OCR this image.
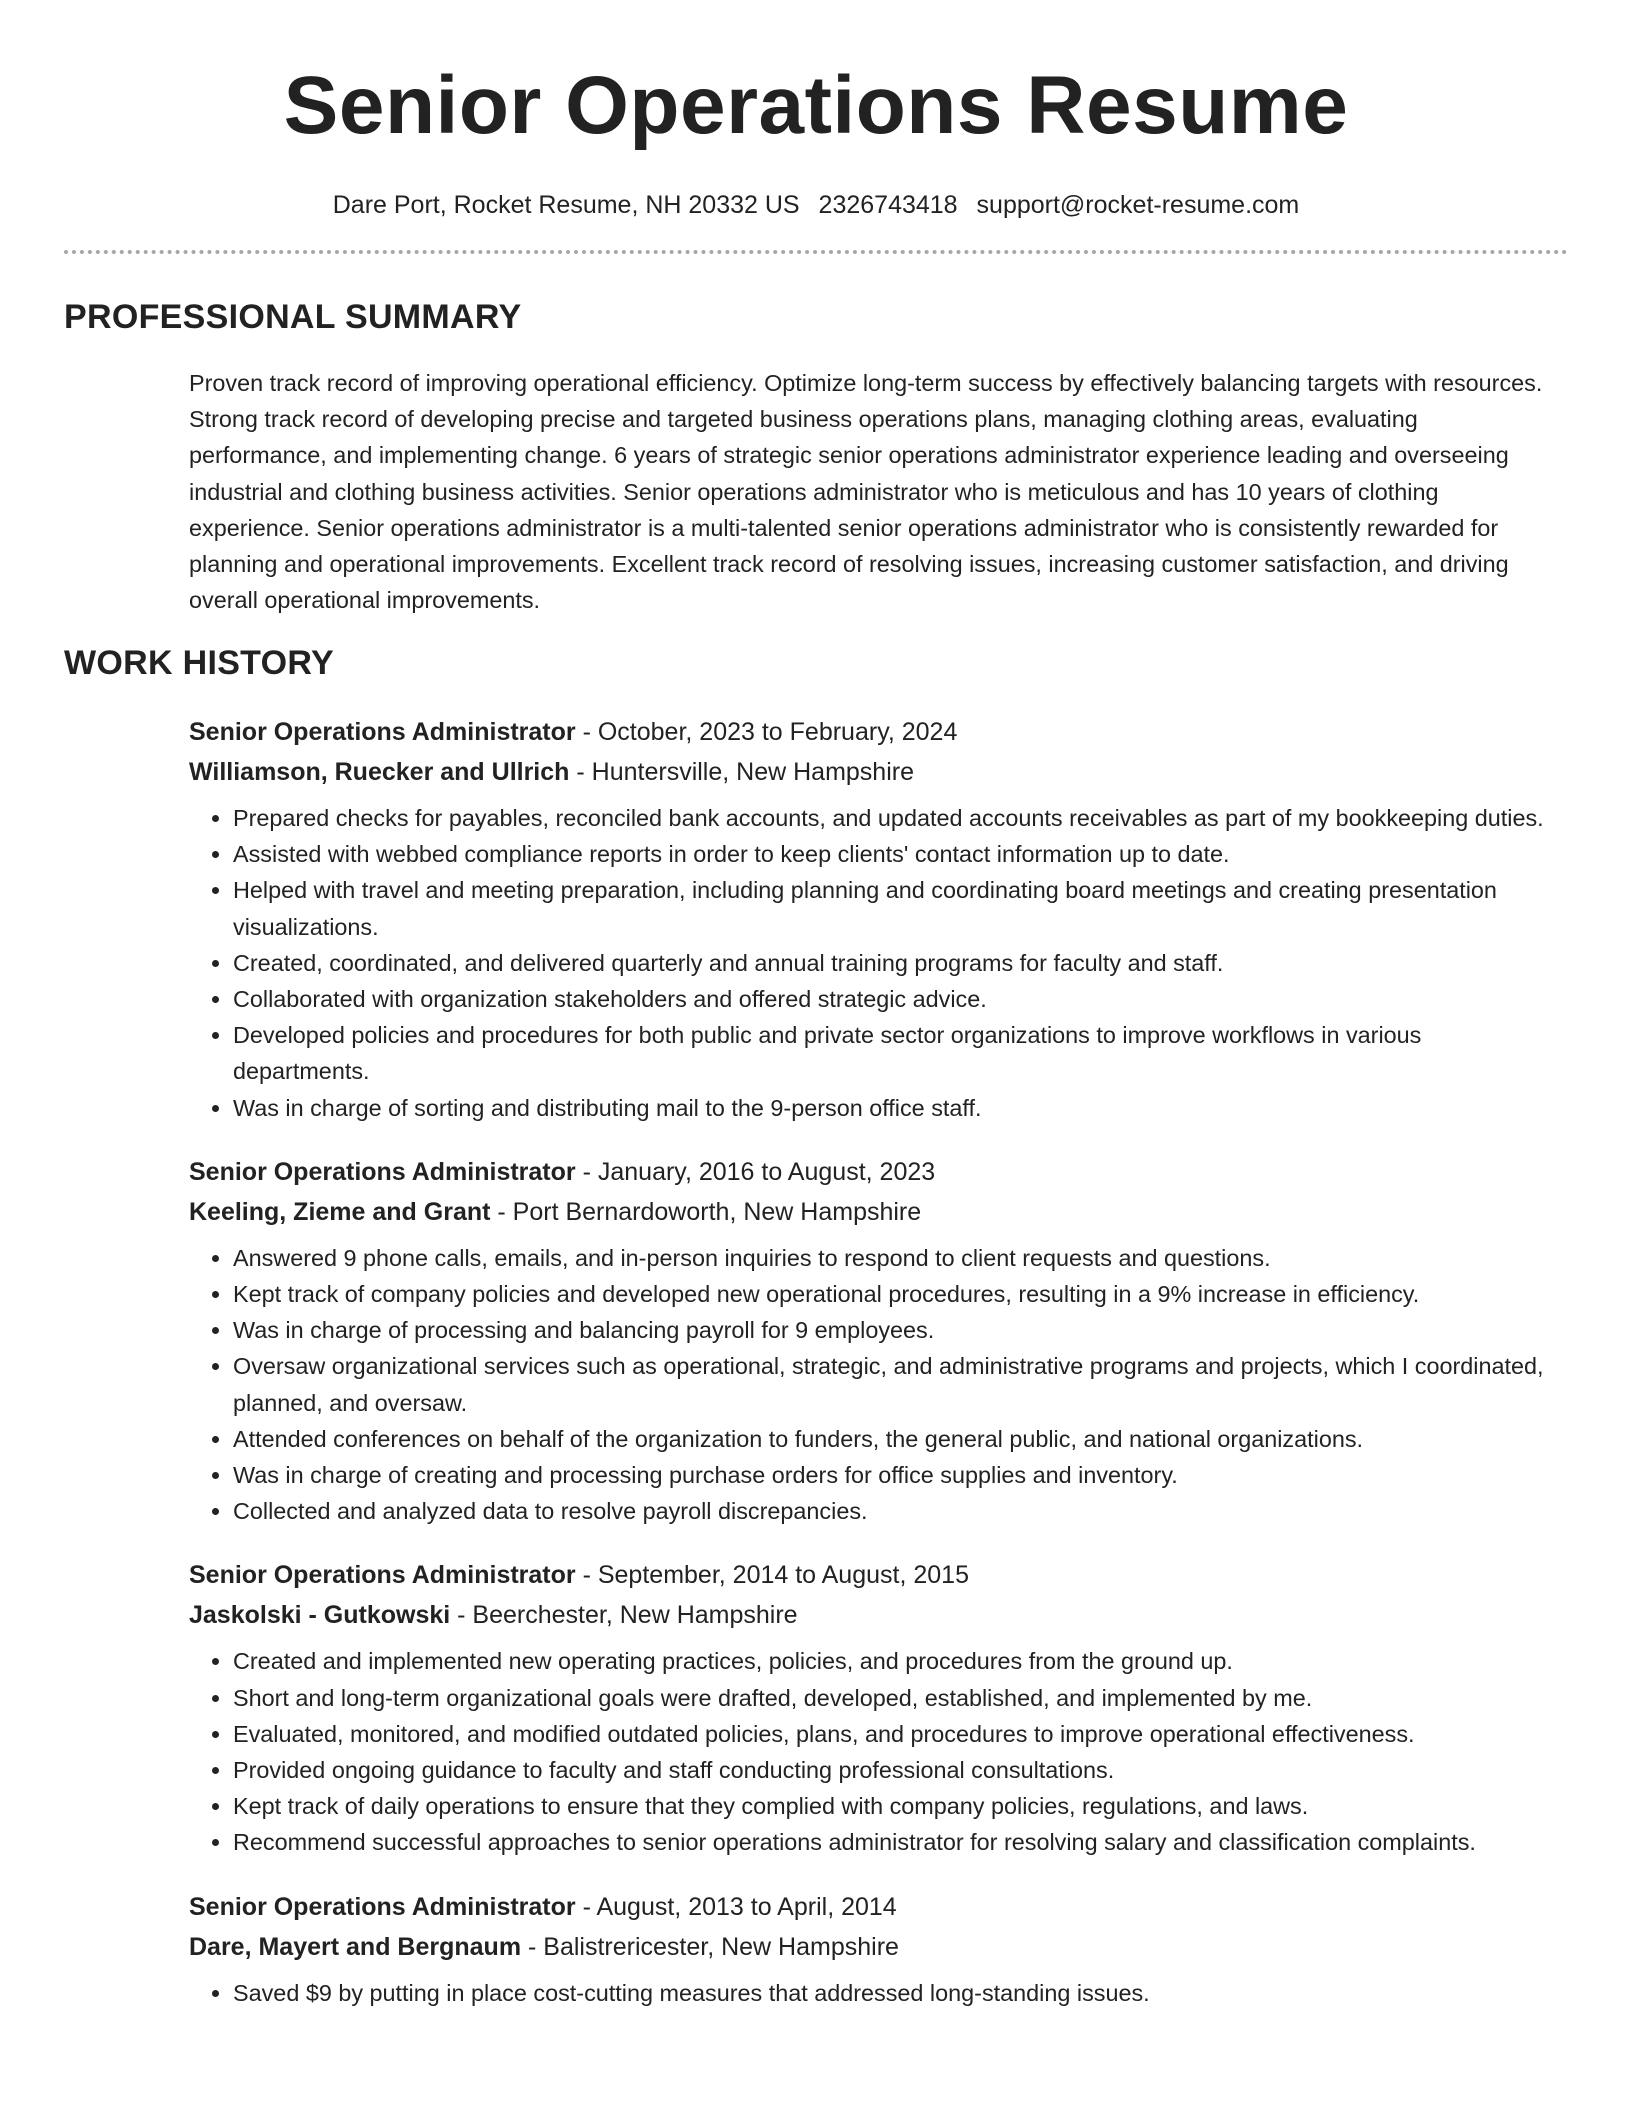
Senior Operations Resume
Dare Port, Rocket Resume, NH 20332 US 2326743418 support@rocket-resume.com
PROFESSIONAL SUMMARY

Proven track record of improving operational efficiency. Optimize long-term success by effectively balancing targets with resources. Strong track record of developing precise and targeted business operations plans, managing clothing areas, evaluating performance, and implementing change. 6 years of strategic senior operations administrator experience leading and overseeing industrial and clothing business activities. Senior operations administrator who is meticulous and has 10 years of clothing experience. Senior operations administrator is a multi-talented senior operations administrator who is consistently rewarded for planning and operational improvements. Excellent track record of resolving issues, increasing customer satisfaction, and driving overall operational improvements.

WORK HISTORY
Senior Operations Administrator - October, 2023 to February, 2024
Williamson, Ruecker and Ullrich - Huntersville, New Hampshire
• Prepared checks for payables, reconciled bank accounts, and updated accounts receivables as part of my bookkeeping duties.
• Assisted with webbed compliance reports in order to keep clients' contact information up to date.
• Helped with travel and meeting preparation, including planning and coordinating board meetings and creating presentation visualizations.
• Created, coordinated, and delivered quarterly and annual training programs for faculty and staff.
• Collaborated with organization stakeholders and offered strategic advice.
• Developed policies and procedures for both public and private sector organizations to improve workflows in various departments.
• Was in charge of sorting and distributing mail to the 9-person office staff.
Senior Operations Administrator - January, 2016 to August, 2023
Keeling, Zieme and Grant - Port Bernardoworth, New Hampshire
• Answered 9 phone calls, emails, and in-person inquiries to respond to client requests and questions.
• Kept track of company policies and developed new operational procedures, resulting in a 9% increase in efficiency.
• Was in charge of processing and balancing payroll for 9 employees.
• Oversaw organizational services such as operational, strategic, and administrative programs and projects, which I coordinated, planned, and oversaw.
• Attended conferences on behalf of the organization to funders, the general public, and national organizations.
• Was in charge of creating and processing purchase orders for office supplies and inventory.
• Collected and analyzed data to resolve payroll discrepancies.
Senior Operations Administrator - September, 2014 to August, 2015
Jaskolski - Gutkowski - Beerchester, New Hampshire
• Created and implemented new operating practices, policies, and procedures from the ground up.
• Short and long-term organizational goals were drafted, developed, established, and implemented by me.
• Evaluated, monitored, and modified outdated policies, plans, and procedures to improve operational effectiveness.
• Provided ongoing guidance to faculty and staff conducting professional consultations.
• Kept track of daily operations to ensure that they complied with company policies, regulations, and laws.
• Recommend successful approaches to senior operations administrator for resolving salary and classification complaints.
Senior Operations Administrator - August, 2013 to April, 2014
Dare, Mayert and Bergnaum - Balistrericester, New Hampshire
• Saved $9 by putting in place cost-cutting measures that addressed long-standing issues.
